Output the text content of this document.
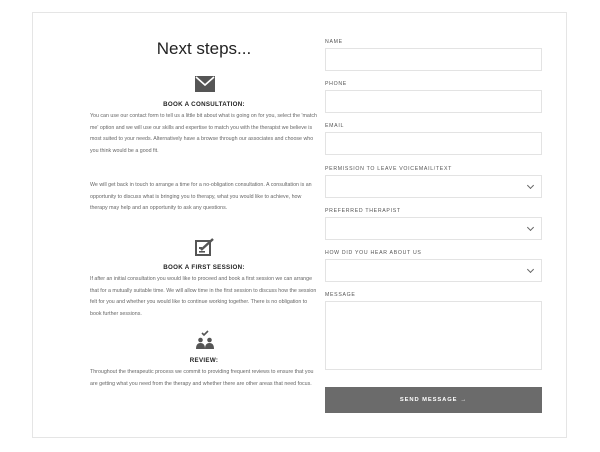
Next steps...
BOOK A CONSULTATION:

You can use our contact form to tell us a little bit about what is going on for you, select the 'match me' option and we will use our skills and expertise to match you with the therapist we believe is most suited to your needs. Alternatively have a browse through our associates and choose who you think would be a good fit.

We will get back in touch to arrange a time for a no-obligation consultation. A consultation is an opportunity to discuss what is bringing you to therapy, what you would like to achieve, how therapy may help and an opportunity to ask any questions.

BOOK A FIRST SESSION:

If after an initial consultation you would like to proceed and book a first session we can arrange that for a mutually suitable time. We will allow time in the first session to discuss how the session felt for you and whether you would like to continue working together. There is no obligation to book further sessions.

REVIEW:

Throughout the therapeutic process we commit to providing frequent reviews to ensure that you are getting what you need from the therapy and whether there are other areas that need focus.

NAME
PHONE
EMAIL
PERMISSION TO LEAVE VOICEMAIL/TEXT
PREFERRED THERAPIST
HOW DID YOU HEAR ABOUT US
MESSAGE
SEND MESSAGE →
